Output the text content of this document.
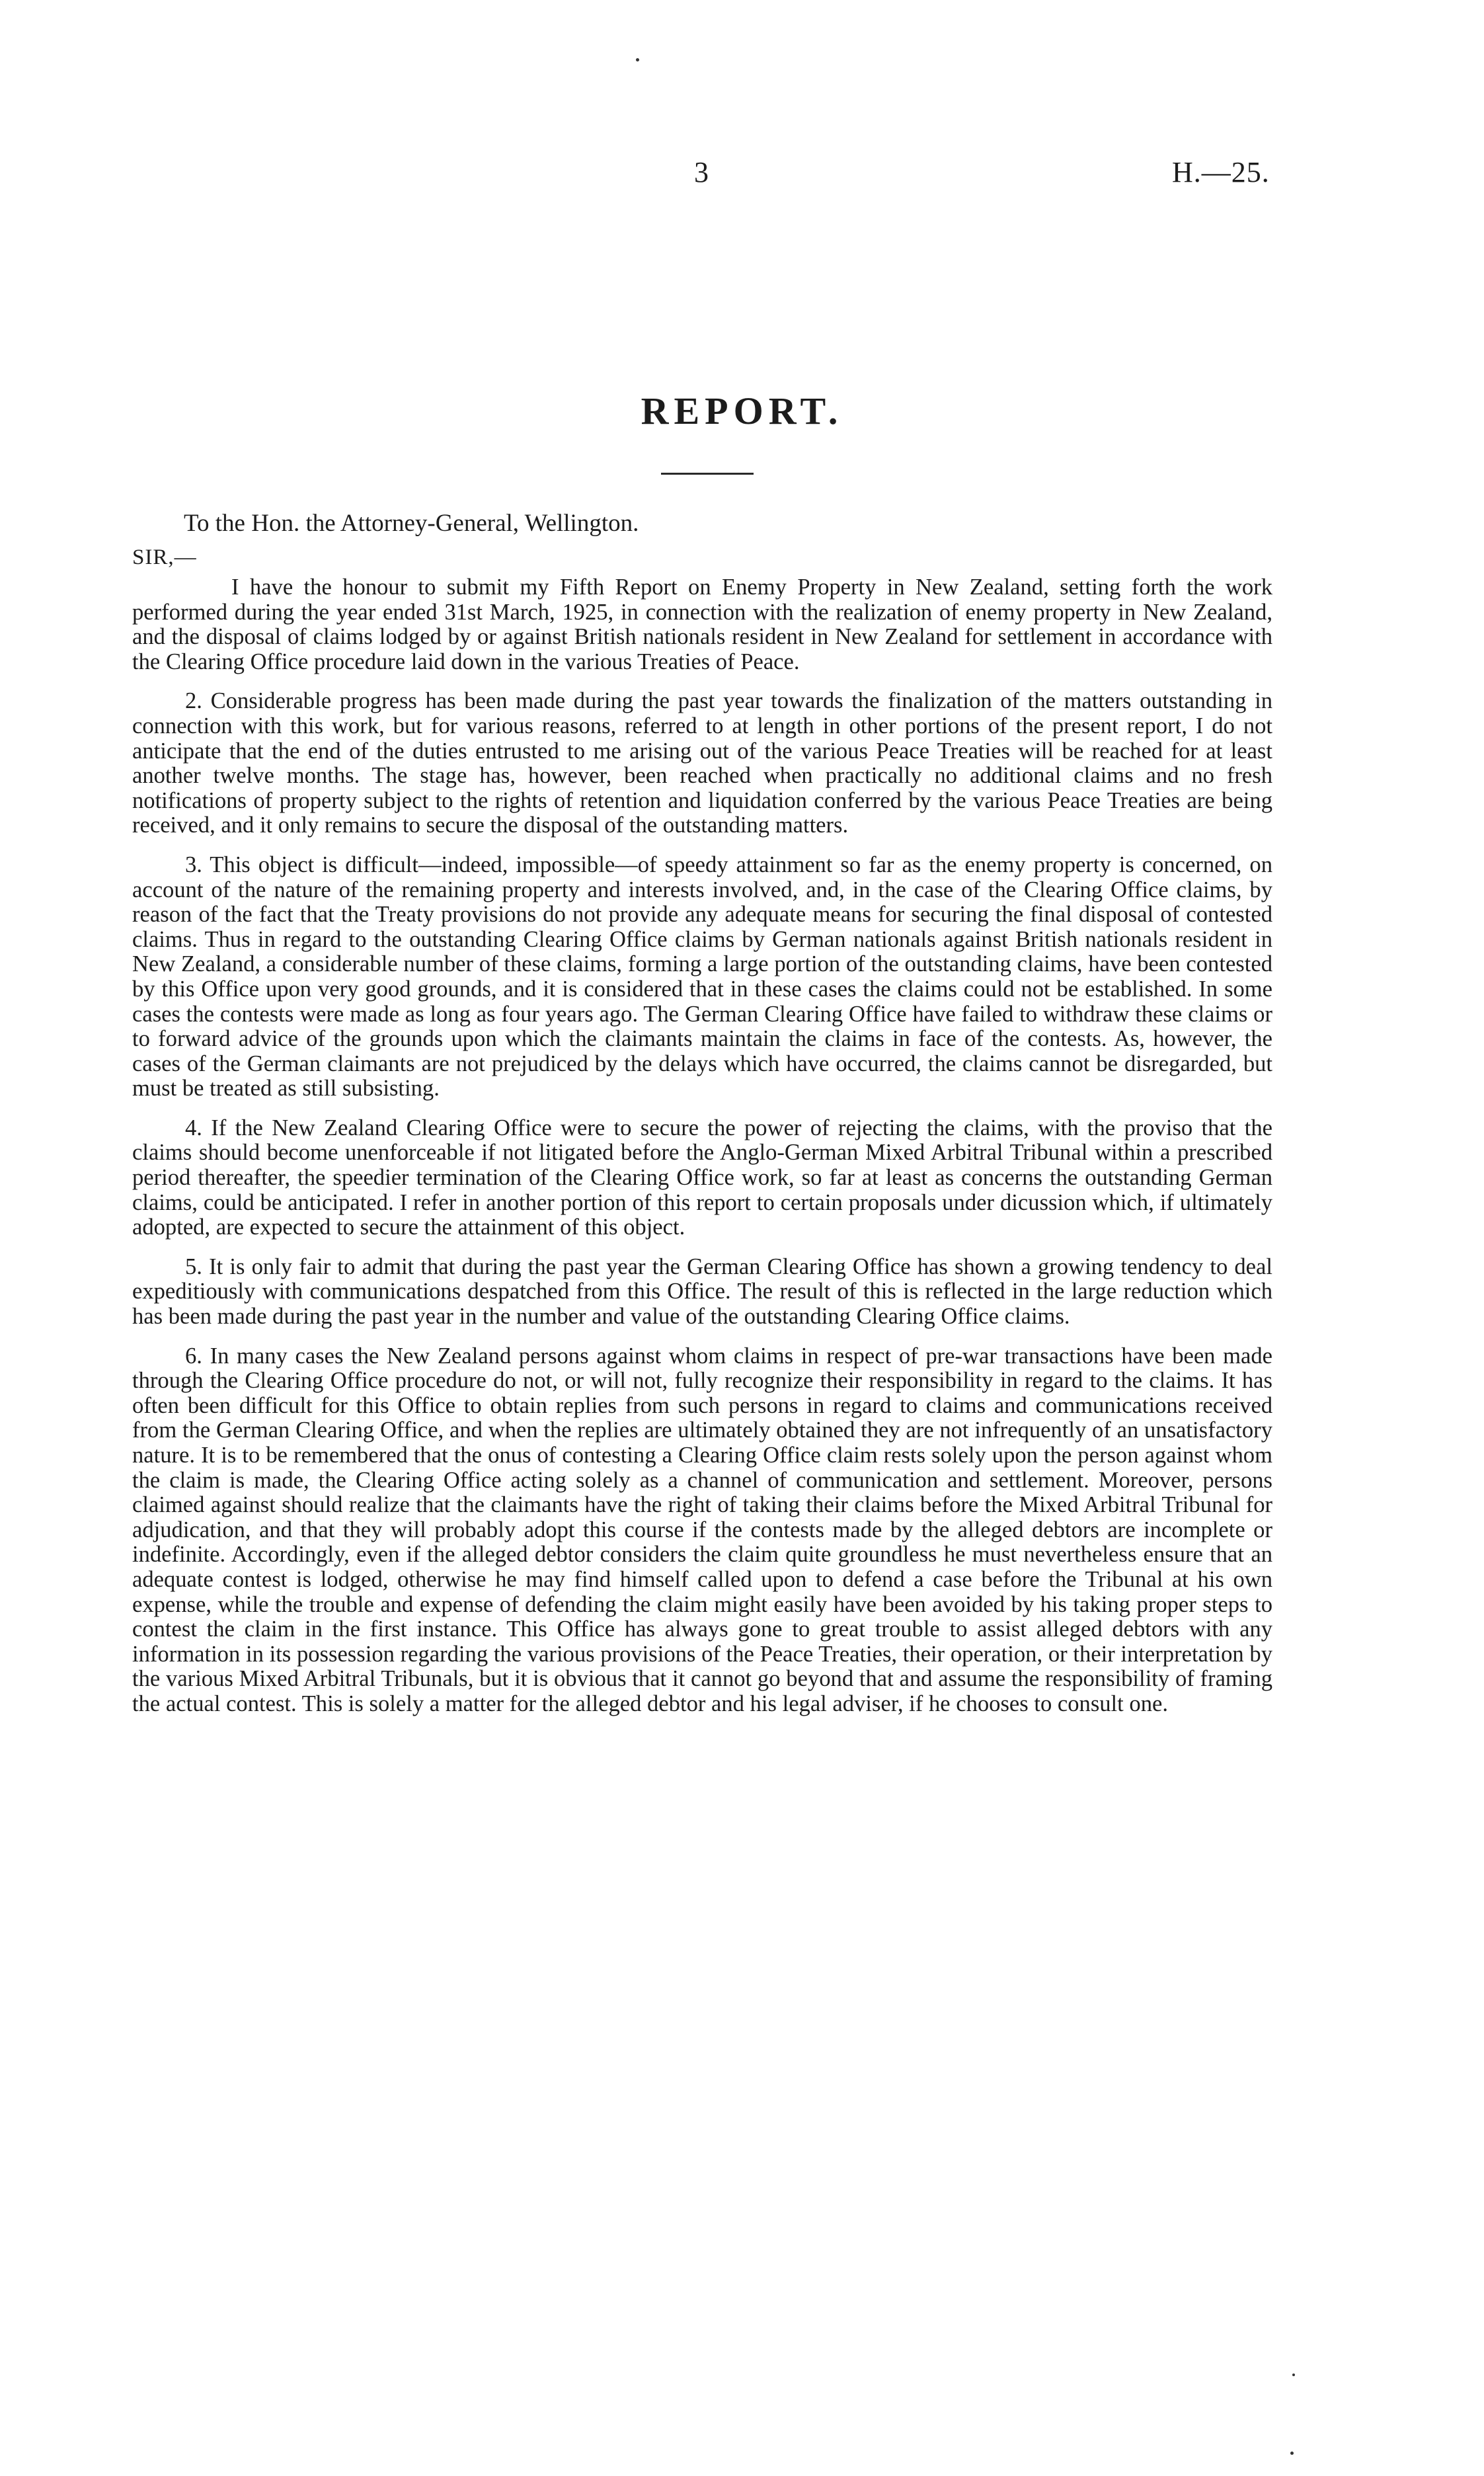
3	H.—25.
REPORT.
To the Hon. the Attorney-General, Wellington.
SIR,—

I have the honour to submit my Fifth Report on Enemy Property in New Zealand, setting forth the work performed during the year ended 31st March, 1925, in connection with the realization of enemy property in New Zealand, and the disposal of claims lodged by or against British nationals resident in New Zealand for settlement in accordance with the Clearing Office procedure laid down in the various Treaties of Peace.

2. Considerable progress has been made during the past year towards the finalization of the matters outstanding in connection with this work, but for various reasons, referred to at length in other portions of the present report, I do not anticipate that the end of the duties entrusted to me arising out of the various Peace Treaties will be reached for at least another twelve months. The stage has, however, been reached when practically no additional claims and no fresh notifications of property subject to the rights of retention and liquidation conferred by the various Peace Treaties are being received, and it only remains to secure the disposal of the outstanding matters.

3. This object is difficult—indeed, impossible—of speedy attainment so far as the enemy property is concerned, on account of the nature of the remaining property and interests involved, and, in the case of the Clearing Office claims, by reason of the fact that the Treaty provisions do not provide any adequate means for securing the final disposal of contested claims. Thus in regard to the outstanding Clearing Office claims by German nationals against British nationals resident in New Zealand, a considerable number of these claims, forming a large portion of the outstanding claims, have been contested by this Office upon very good grounds, and it is considered that in these cases the claims could not be established. In some cases the contests were made as long as four years ago. The German Clearing Office have failed to withdraw these claims or to forward advice of the grounds upon which the claimants maintain the claims in face of the contests. As, however, the cases of the German claimants are not prejudiced by the delays which have occurred, the claims cannot be disregarded, but must be treated as still subsisting.

4. If the New Zealand Clearing Office were to secure the power of rejecting the claims, with the proviso that the claims should become unenforceable if not litigated before the Anglo-German Mixed Arbitral Tribunal within a prescribed period thereafter, the speedier termination of the Clearing Office work, so far at least as concerns the outstanding German claims, could be anticipated. I refer in another portion of this report to certain proposals under dicussion which, if ultimately adopted, are expected to secure the attainment of this object.

5. It is only fair to admit that during the past year the German Clearing Office has shown a growing tendency to deal expeditiously with communications despatched from this Office. The result of this is reflected in the large reduction which has been made during the past year in the number and value of the outstanding Clearing Office claims.

6. In many cases the New Zealand persons against whom claims in respect of pre-war transactions have been made through the Clearing Office procedure do not, or will not, fully recognize their responsibility in regard to the claims. It has often been difficult for this Office to obtain replies from such persons in regard to claims and communications received from the German Clearing Office, and when the replies are ultimately obtained they are not infrequently of an unsatisfactory nature. It is to be remembered that the onus of contesting a Clearing Office claim rests solely upon the person against whom the claim is made, the Clearing Office acting solely as a channel of communication and settlement. Moreover, persons claimed against should realize that the claimants have the right of taking their claims before the Mixed Arbitral Tribunal for adjudication, and that they will probably adopt this course if the contests made by the alleged debtors are incomplete or indefinite. Accordingly, even if the alleged debtor considers the claim quite groundless he must nevertheless ensure that an adequate contest is lodged, otherwise he may find himself called upon to defend a case before the Tribunal at his own expense, while the trouble and expense of defending the claim might easily have been avoided by his taking proper steps to contest the claim in the first instance. This Office has always gone to great trouble to assist alleged debtors with any information in its possession regarding the various provisions of the Peace Treaties, their operation, or their interpretation by the various Mixed Arbitral Tribunals, but it is obvious that it cannot go beyond that and assume the responsibility of framing the actual contest. This is solely a matter for the alleged debtor and his legal adviser, if he chooses to consult one.
